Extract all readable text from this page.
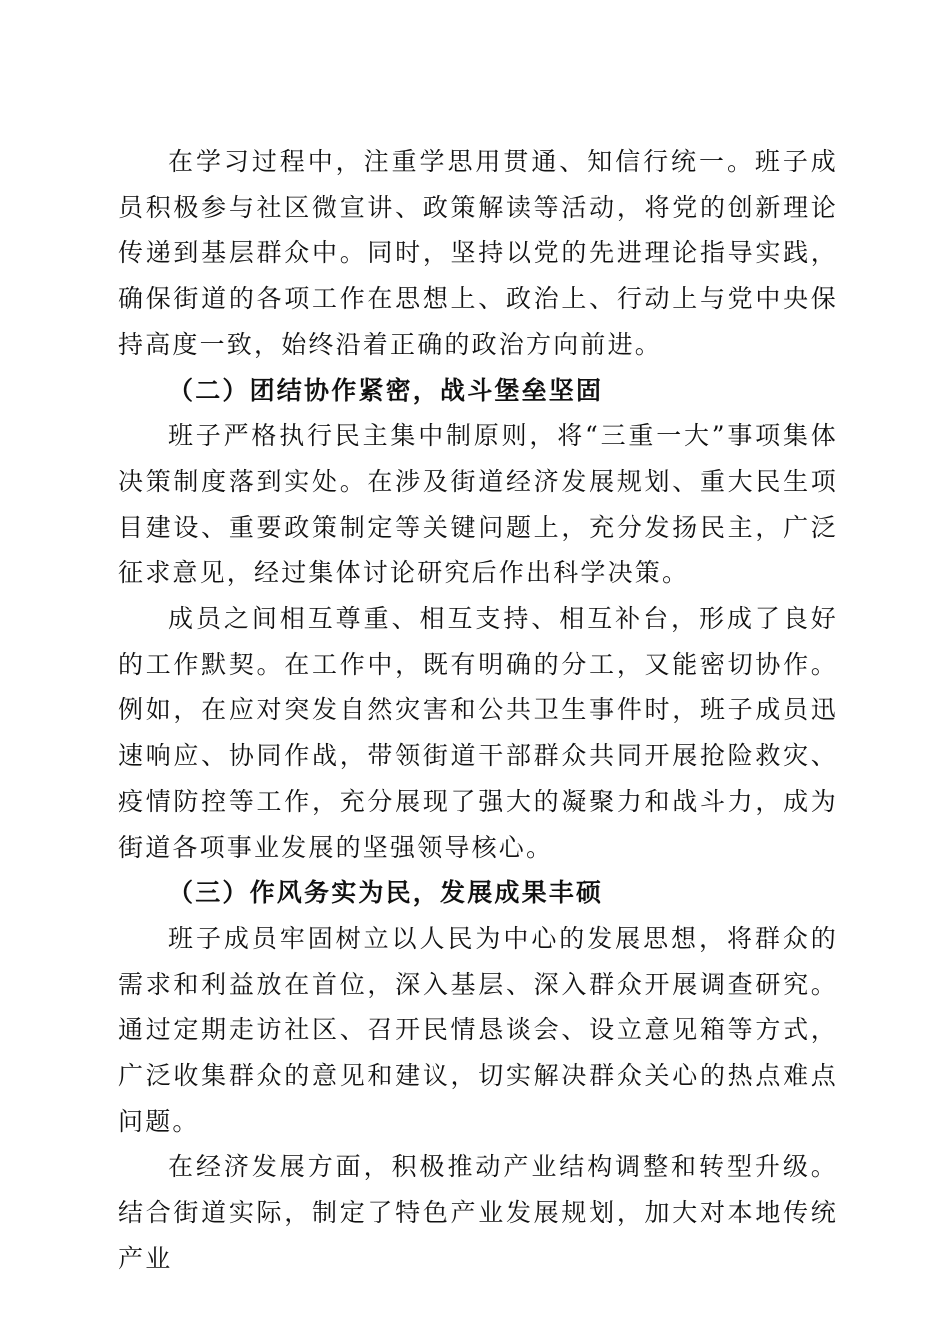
在学习过程中，注重学思用贯通、知信行统一。班子成员积极参与社区微宣讲、政策解读等活动，将党的创新理论传递到基层群众中。同时，坚持以党的先进理论指导实践，确保街道的各项工作在思想上、政治上、行动上与党中央保持高度一致，始终沿着正确的政治方向前进。

（二）团结协作紧密，战斗堡垒坚固

班子严格执行民主集中制原则，将“三重一大”事项集体决策制度落到实处。在涉及街道经济发展规划、重大民生项目建设、重要政策制定等关键问题上，充分发扬民主，广泛征求意见，经过集体讨论研究后作出科学决策。

成员之间相互尊重、相互支持、相互补台，形成了良好的工作默契。在工作中，既有明确的分工，又能密切协作。例如，在应对突发自然灾害和公共卫生事件时，班子成员迅速响应、协同作战，带领街道干部群众共同开展抢险救灾、疫情防控等工作，充分展现了强大的凝聚力和战斗力，成为街道各项事业发展的坚强领导核心。

（三）作风务实为民，发展成果丰硕

班子成员牢固树立以人民为中心的发展思想，将群众的需求和利益放在首位，深入基层、深入群众开展调查研究。通过定期走访社区、召开民情恳谈会、设立意见箱等方式，广泛收集群众的意见和建议，切实解决群众关心的热点难点问题。

在经济发展方面，积极推动产业结构调整和转型升级。结合街道实际，制定了特色产业发展规划，加大对本地传统产业
